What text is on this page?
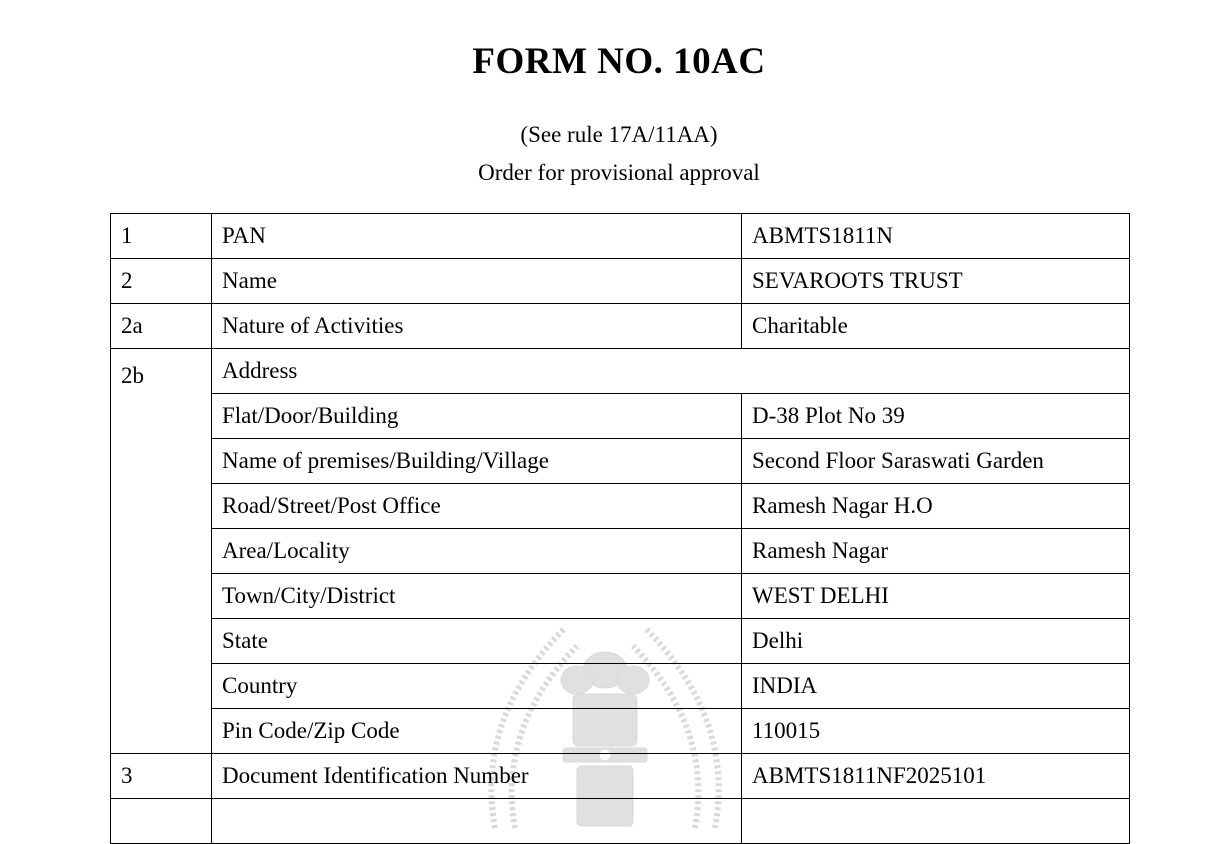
FORM NO. 10AC
(See rule 17A/11AA)
Order for provisional approval
1	PAN	ABMTS1811N
2	Name	SEVAROOTS TRUST
2a	Nature of Activities	Charitable
2b	Address	
	Flat/Door/Building	D-38 Plot No 39
	Name of premises/Building/Village	Second Floor Saraswati Garden
	Road/Street/Post Office	Ramesh Nagar H.O
	Area/Locality	Ramesh Nagar
	Town/City/District	WEST DELHI
	State	Delhi
	Country	INDIA
	Pin Code/Zip Code	110015
3	Document Identification Number	ABMTS1811NF2025101
